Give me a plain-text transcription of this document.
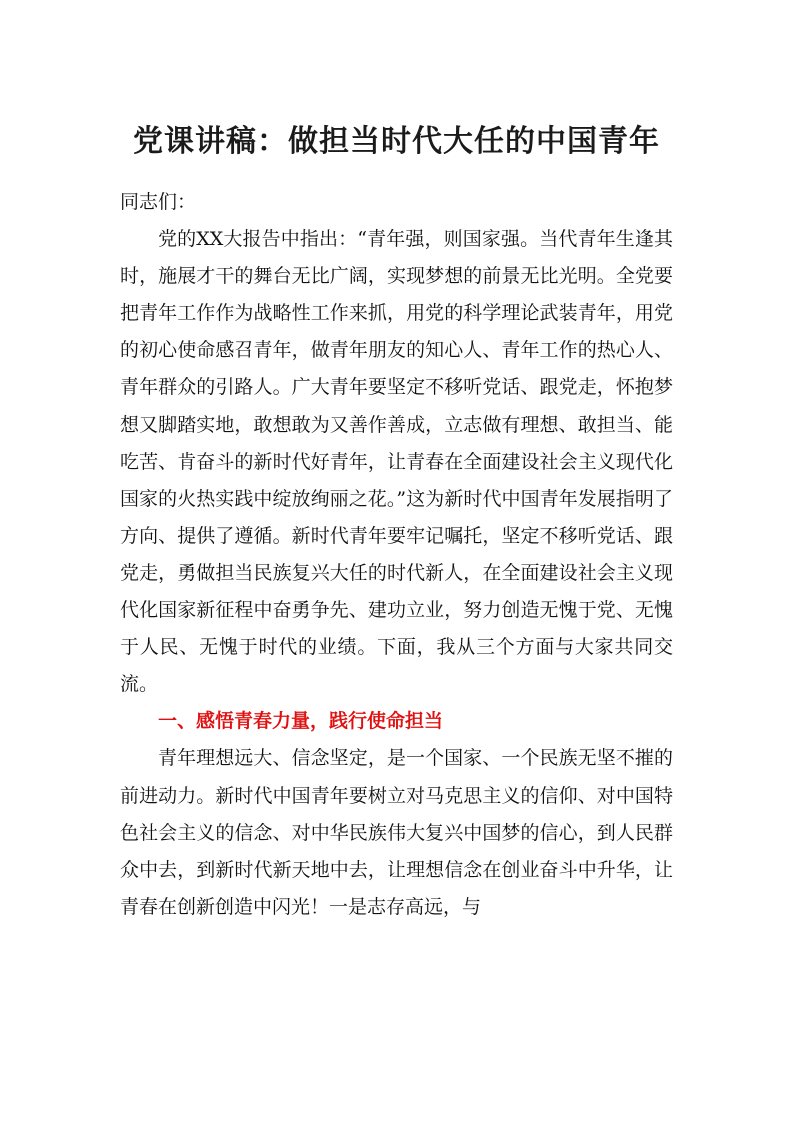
党课讲稿：做担当时代大任的中国青年

同志们：

党的XX大报告中指出：“青年强，则国家强。当代青年生逢其时，施展才干的舞台无比广阔，实现梦想的前景无比光明。全党要把青年工作作为战略性工作来抓，用党的科学理论武装青年，用党的初心使命感召青年，做青年朋友的知心人、青年工作的热心人、青年群众的引路人。广大青年要坚定不移听党话、跟党走，怀抱梦想又脚踏实地，敢想敢为又善作善成，立志做有理想、敢担当、能吃苦、肯奋斗的新时代好青年，让青春在全面建设社会主义现代化国家的火热实践中绽放绚丽之花。”这为新时代中国青年发展指明了方向、提供了遵循。新时代青年要牢记嘱托，坚定不移听党话、跟党走，勇做担当民族复兴大任的时代新人，在全面建设社会主义现代化国家新征程中奋勇争先、建功立业，努力创造无愧于党、无愧于人民、无愧于时代的业绩。下面，我从三个方面与大家共同交流。

一、感悟青春力量，践行使命担当

青年理想远大、信念坚定，是一个国家、一个民族无坚不摧的前进动力。新时代中国青年要树立对马克思主义的信仰、对中国特色社会主义的信念、对中华民族伟大复兴中国梦的信心，到人民群众中去，到新时代新天地中去，让理想信念在创业奋斗中升华，让青春在创新创造中闪光！一是志存高远，与
